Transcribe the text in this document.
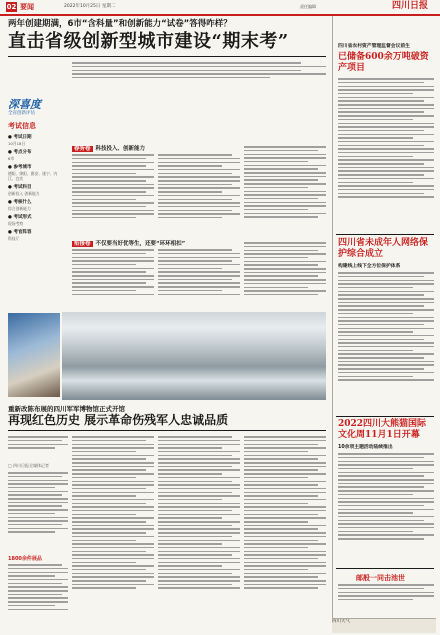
02 要闻	2022年10月25日 星期二	责任编辑	四川日报
两年创建期满，6市“含科量”和创新能力“试卷”答得咋样？
直击省级创新型城市建设“期末考”
深喜度
全省创新评估
考试信息
● 考试日期
10月18日
● 考点分布
6市
● 参考城市
德阳、绵阳、雅安、遂宁、内江、宜宾
● 考试科目
创新投入 创新能力
● 考核什么
综合创新能力
● 考试形式
现场考察
● 考官阵容
科技厅
春务卷 科技投入、创新能力
衔接卷 不仅要当好优等生，还要“环环相扣”
重新改陈布展的四川军军博物馆正式开馆
再现红色历史 展示革命伤残军人忠诚品质
□ 四川日报全媒体记者
1800余件展品
四川省农村资产管理监督会议前生
已储备600余万吨破资产项目
四川省未成年人网络保护综合成立
构建线上线下全方位保护体系
2022四川大熊猫国际文化周11月1日开幕
10余项主题活动陆续推出
邮般一同击池世
四川天气
